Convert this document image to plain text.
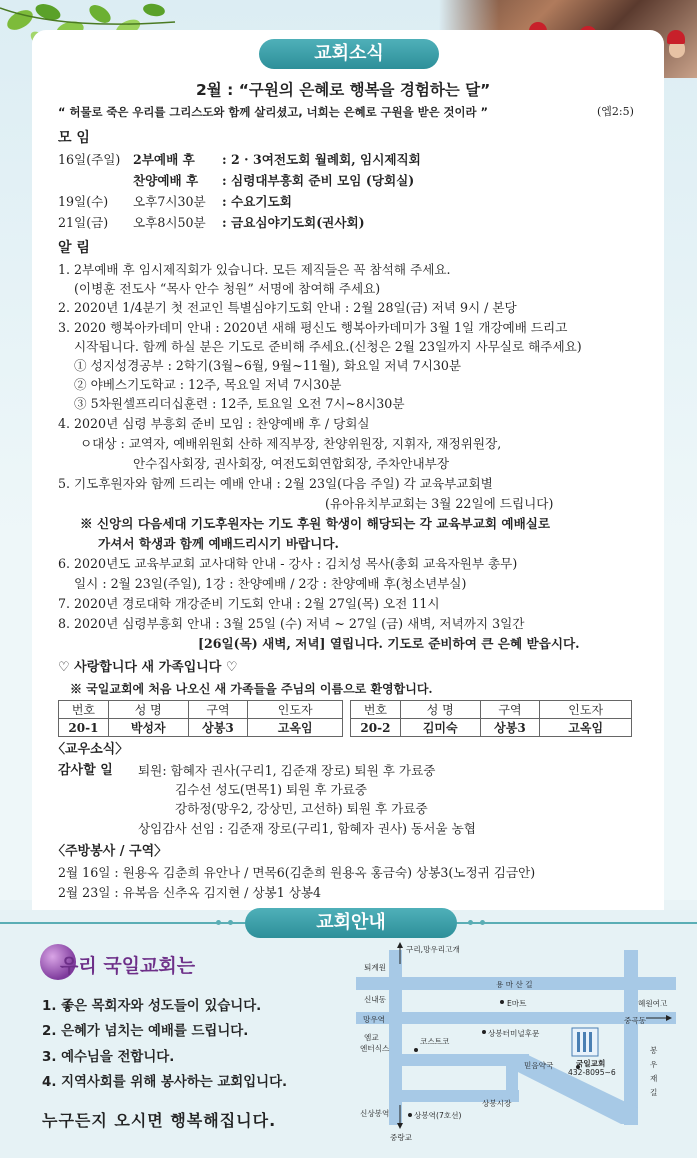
교회소식
2월 : “구원의 은혜로 행복을 경험하는 달”
“ 허물로 죽은 우리를 그리스도와 함께 살리셨고, 너희는 은혜로 구원을 받은 것이라 ”	(엡2:5)
모 임
16일(주일) 2부예배 후 : 2 · 3여전도회 월례회, 임시제직회
찬양예배 후 : 심령대부흥회 준비 모임 (당회실)
19일(수) 오후7시30분 : 수요기도회
21일(금) 오후8시50분 : 금요심야기도회(권사회)
알 림
1. 2부예배 후 임시제직회가 있습니다. 모든 제직들은 꼭 참석해 주세요.
(이병훈 전도사 “목사 안수 청원” 서명에 참여해 주세요)
2. 2020년 1/4분기 첫 전교인 특별심야기도회 안내 : 2월 28일(금) 저녁 9시 / 본당
3. 2020 행복아카데미 안내 : 2020년 새해 평신도 행복아카데미가 3월 1일 개강예배 드리고
시작됩니다. 함께 하실 분은 기도로 준비해 주세요.(신청은 2월 23일까지 사무실로 해주세요)
① 성지성경공부 : 2학기(3월~6월, 9월~11월), 화요일 저녁 7시30분
② 야베스기도학교 : 12주, 목요일 저녁 7시30분
③ 5차원셀프리더십훈련 : 12주, 토요일 오전 7시~8시30분
4. 2020년 심령 부흥회 준비 모임 : 찬양예배 후 / 당회실
ㅇ대상 : 교역자, 예배위원회 산하 제직부장, 찬양위원장, 지휘자, 재정위원장,
안수집사회장, 권사회장, 여전도회연합회장, 주차안내부장
5. 기도후원자와 함께 드리는 예배 안내 : 2월 23일(다음 주일) 각 교육부교회별
(유아유치부교회는 3월 22일에 드립니다)
※ 신앙의 다음세대 기도후원자는 기도 후원 학생이 해당되는 각 교육부교회 예배실로
가셔서 학생과 함께 예배드리시기 바랍니다.
6. 2020년도 교육부교회 교사대학 안내 - 강사 : 김치성 목사(총회 교육자원부 총무)
일시 : 2월 23일(주일), 1강 : 찬양예배 / 2강 : 찬양예배 후(청소년부실)
7. 2020년 경로대학 개강준비 기도회 안내 : 2월 27일(목) 오전 11시
8. 2020년 심령부흥회 안내 : 3월 25일 (수) 저녁 ~ 27일 (금) 새벽, 저녁까지 3일간
[26일(목) 새벽, 저녁] 열립니다. 기도로 준비하여 큰 은혜 받읍시다.
♡ 사랑합니다 새 가족입니다 ♡
※ 국일교회에 처음 나오신 새 가족들을 주님의 이름으로 환영합니다.
번호	성 명	구역	인도자
20-1	박성자	상봉3	고옥임
번호	성 명	구역	인도자
20-2	김미숙	상봉3	고옥임
〈교우소식〉
감사할 일 퇴원: 함혜자 권사(구리1, 김준재 장로) 퇴원 후 가료중
김수선 성도(면목1) 퇴원 후 가료중
강하정(망우2, 강상민, 고선하) 퇴원 후 가료중
상임감사 선임 : 김준재 장로(구리1, 함혜자 권사) 동서울 농협
〈주방봉사 / 구역〉
2월 16일 : 원용옥 김춘희 유안나 / 면목6(김춘희 원용옥 홍금숙) 상봉3(노정귀 김금안)
2월 23일 : 유복음 신추옥 김지현 / 상봉1 상봉4
교회안내
우리 국일교회는
1. 좋은 목회자와 성도들이 있습니다.
2. 은혜가 넘치는 예배를 드립니다.
3. 예수님을 전합니다.
4. 지역사회를 위해 봉사하는 교회입니다.
누구든지 오시면 행복해집니다.
구리,망우리고개
퇴계원
용 마 산 길
신내동	E마트	혜원여고
망우역	중곡동
엠교
엔터식스
코스트코
상봉터미널후문
국일교회
432-8095~6
믿음약국
봉우재길
상봉시장
신상봉역	상봉역(7호선)
중랑교
